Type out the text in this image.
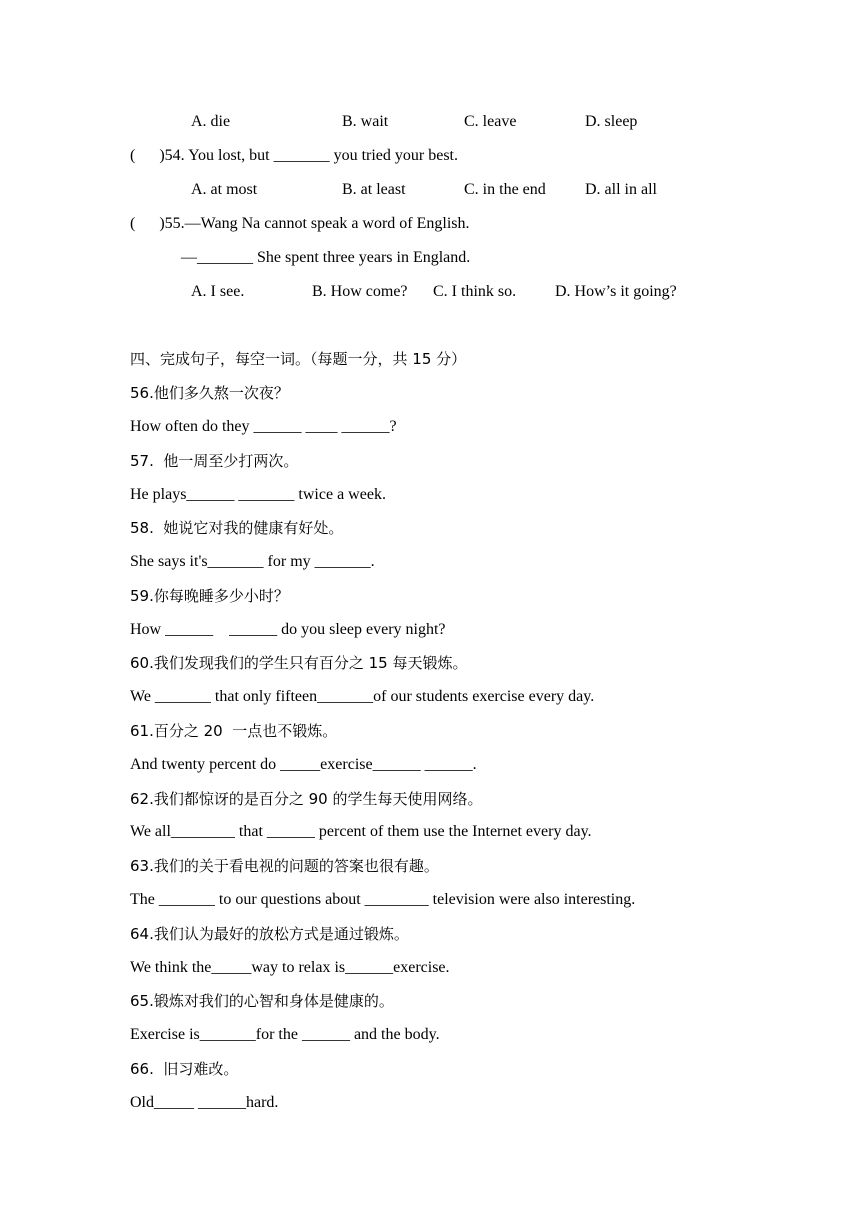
A. die	B. wait	C. leave	D. sleep
(      )54. You lost, but _______ you tried your best.
A. at most	B. at least	C. in the end D. all in all
(      )55.—Wang Na cannot speak a word of English.
—_______ She spent three years in England.
A. I see.	B. How come? C. I think so. D. How’s it going?
四、完成句子，每空一词。（每题一分，共 15 分）
56.他们多久熬一次夜？
How often do they ______ ____ ______?
57.  他一周至少打两次。
He plays______ _______ twice a week.
58.  她说它对我的健康有好处。
She says it's_______ for my _______.
59.你每晚睡多少小时？
How ______    ______ do you sleep every night?
60.我们发现我们的学生只有百分之 15 每天锻炼。
We _______ that only fifteen_______of our students exercise every day.
61.百分之 20  一点也不锻炼。
And twenty percent do _____exercise______ ______.
62.我们都惊讶的是百分之 90 的学生每天使用网络。
We all________ that ______ percent of them use the Internet every day.
63.我们的关于看电视的问题的答案也很有趣。
The _______ to our questions about ________ television were also interesting.
64.我们认为最好的放松方式是通过锻炼。
We think the_____way to relax is______exercise.
65.锻炼对我们的心智和身体是健康的。
Exercise is_______for the ______ and the body.
66.  旧习难改。
Old_____ ______hard.
